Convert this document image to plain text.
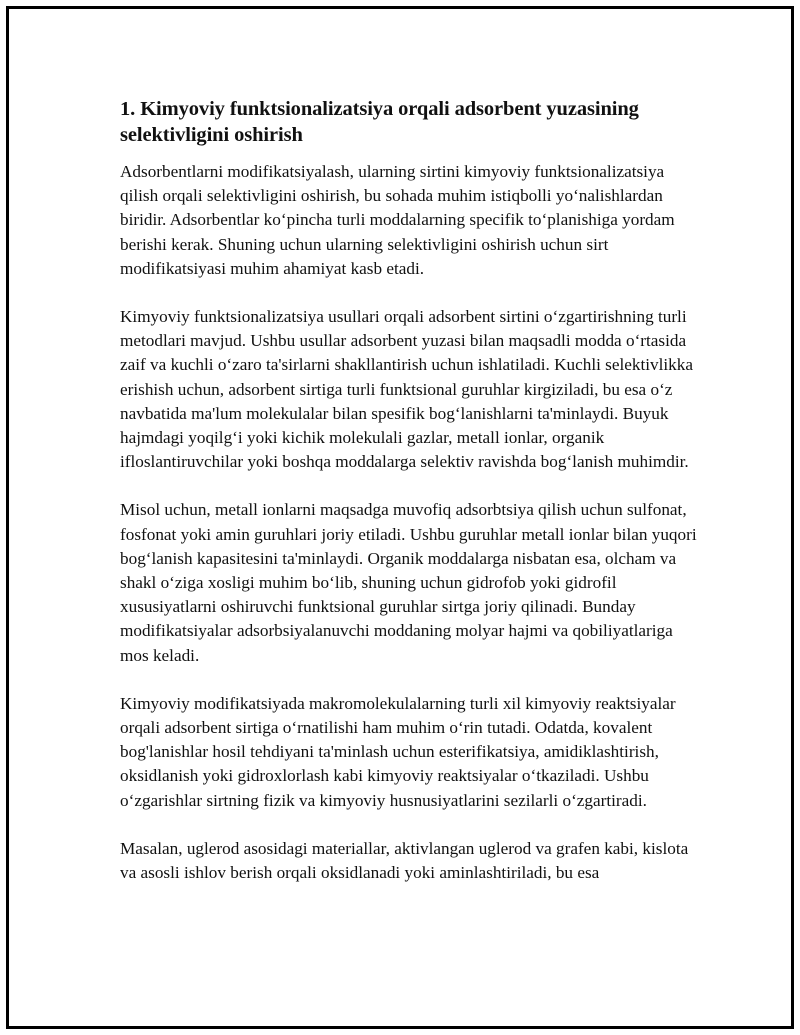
1. Kimyoviy funktsionalizatsiya orqali adsorbent yuzasining selektivligini oshirish

Adsorbentlarni modifikatsiyalash, ularning sirtini kimyoviy funktsionalizatsiya qilish orqali selektivligini oshirish, bu sohada muhim istiqbolli yo‘nalishlardan biridir. Adsorbentlar ko‘pincha turli moddalarning specifik to‘planishiga yordam berishi kerak. Shuning uchun ularning selektivligini oshirish uchun sirt modifikatsiyasi muhim ahamiyat kasb etadi.

Kimyoviy funktsionalizatsiya usullari orqali adsorbent sirtini o‘zgartirishning turli metodlari mavjud. Ushbu usullar adsorbent yuzasi bilan maqsadli modda o‘rtasida zaif va kuchli o‘zaro ta'sirlarni shakllantirish uchun ishlatiladi. Kuchli selektivlikka erishish uchun, adsorbent sirtiga turli funktsional guruhlar kirgiziladi, bu esa o‘z navbatida ma'lum molekulalar bilan spesifik bog‘lanishlarni ta'minlaydi. Buyuk hajmdagi yoqilg‘i yoki kichik molekulali gazlar, metall ionlar, organik ifloslantiruvchilar yoki boshqa moddalarga selektiv ravishda bog‘lanish muhimdir.

Misol uchun, metall ionlarni maqsadga muvofiq adsorbtsiya qilish uchun sulfonat, fosfonat yoki amin guruhlari joriy etiladi. Ushbu guruhlar metall ionlar bilan yuqori bog‘lanish kapasitesini ta'minlaydi. Organik moddalarga nisbatan esa, olcham va shakl o‘ziga xosligi muhim bo‘lib, shuning uchun gidrofob yoki gidrofil xususiyatlarni oshiruvchi funktsional guruhlar sirtga joriy qilinadi. Bunday modifikatsiyalar adsorbsiyalanuvchi moddaning molyar hajmi va qobiliyatlariga mos keladi.

Kimyoviy modifikatsiyada makromolekulalarning turli xil kimyoviy reaktsiyalar orqali adsorbent sirtiga o‘rnatilishi ham muhim o‘rin tutadi. Odatda, kovalent bog'lanishlar hosil tehdiyani ta'minlash uchun esterifikatsiya, amidiklashtirish, oksidlanish yoki gidroxlorlash kabi kimyoviy reaktsiyalar o‘tkaziladi. Ushbu o‘zgarishlar sirtning fizik va kimyoviy husnusiyatlarini sezilarli o‘zgartiradi.

Masalan, uglerod asosidagi materiallar, aktivlangan uglerod va grafen kabi, kislota va asosli ishlov berish orqali oksidlanadi yoki aminlashtiriladi, bu esa
